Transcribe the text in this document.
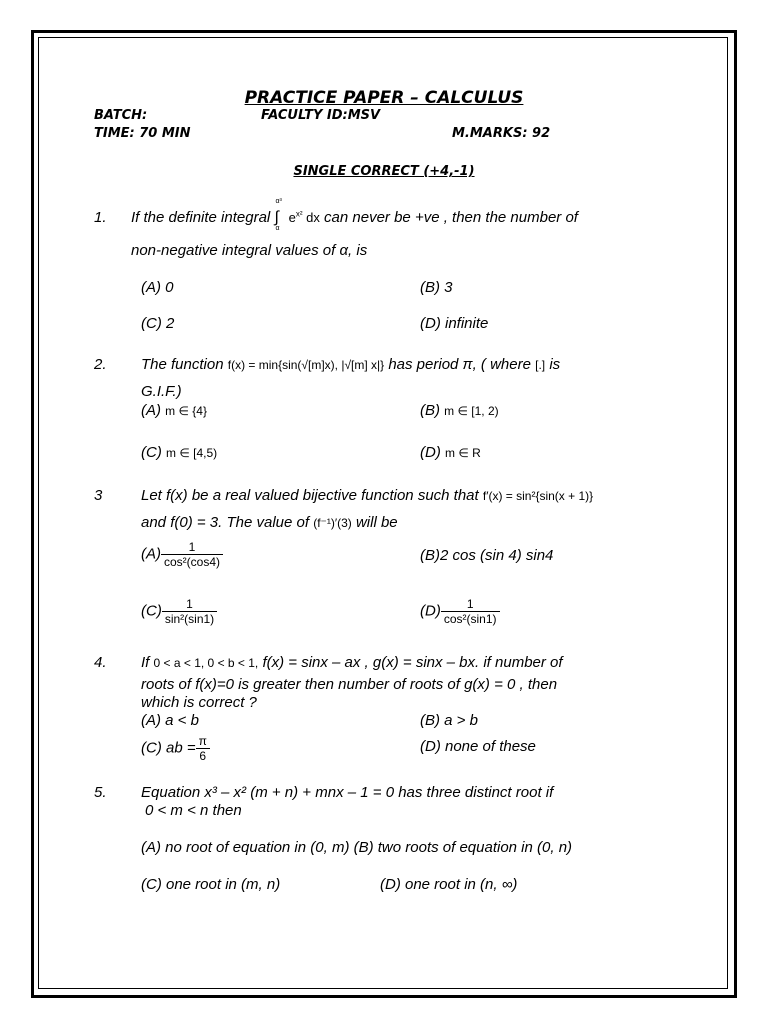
PRACTICE PAPER – CALCULUS
BATCH:	FACULTY ID:MSV
TIME: 70 MIN	M.MARKS: 92
SINGLE CORRECT (+4,-1)
1. If the definite integral ∫
α³
α
$e^{x^2}$ dx can never be +ve , then the number of
non-negative integral values of α, is
(A) 0	(B) 3
(C) 2	(D) infinite
2. The function f(x) = min{sin(√[m]x), |√[m] x|} has period π, ( where [.] is
G.I.F.)
(A) m ∈ {4}	(B) m ∈ [1, 2)
(C) m ∈ [4,5)	(D) m ∈ R
3	Let f(x) be a real valued bijective function such that f′(x) = sin²{sin(x + 1)}
and f(0) = 3. The value of (f⁻¹)′(3) will be
$(A) \frac{1}{\text{cos²(cos4)}}$	(B)2 cos (sin 4) sin4
$(C) \frac{1}{\text{sin²(sin1)}}$	$(D) \frac{1}{\text{cos²(sin1)}}$
4. If 0 < a < 1, 0 < b < 1, f(x) = sinx – ax , g(x) = sinx – bx. if number of
roots of f(x)=0 is greater then number of roots of g(x) = 0 , then
which is correct ?
(A) a < b	(B) a > b
(C) ab = $\frac{\pi}{6}$	(D) none of these
5. Equation x³ – x² (m + n) + mnx – 1 = 0 has three distinct root if
0 < m < n then
(A) no root of equation in (0, m) (B) two roots of equation in (0, n)
(C) one root in (m, n)	(D) one root in (n, ∞)
